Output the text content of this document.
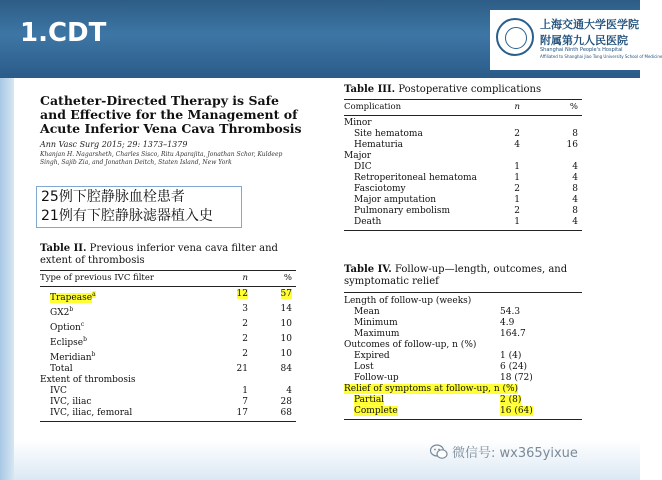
1.CDT	上海交通大学医学院
附属第九人民医院
Shanghai Ninth People's Hospital
Affiliated to Shanghai Jiao Tong University School of Medicine
Catheter-Directed Therapy is Safe and Effective for the Management of Acute Inferior Vena Cava Thrombosis
Ann Vasc Surg 2015; 29: 1373–1379
Khanjan H. Nagarsheth, Charles Sisco, Ritu Aparajita, Jonathan Schor, Kuldeep Singh, Sajib Zia, and Jonathan Deitch, Staten Island, New York
25例下腔静脉血栓患者
21例有下腔静脉滤器植入史
Table II. Previous inferior vena cava filter and extent of thrombosis
Type of previous IVC filter	n	%
Trapease$^a$	12	57
GX2$^b$	3	14
Option$^c$	2	10
Eclipse$^b$	2	10
Meridian$^b$	2	10
Total	21	84
Extent of thrombosis
IVC	1	4
IVC, iliac	7	28
IVC, iliac, femoral	17	68
Table III. Postoperative complications
Complication	n	%
Minor
Site hematoma	2	8
Hematuria	4	16
Major
DIC	1	4
Retroperitoneal hematoma	1	4
Fasciotomy	2	8
Major amputation	1	4
Pulmonary embolism	2	8
Death	1	4
Table IV. Follow-up—length, outcomes, and symptomatic relief
Length of follow-up (weeks)
Mean	54.3
Minimum	4.9
Maximum	164.7
Outcomes of follow-up, n (%)
Expired	1 (4)
Lost	6 (24)
Follow-up	18 (72)
Relief of symptoms at follow-up, n (%)
Partial	2 (8)
Complete	16 (64)
微信号: wx365yixue
